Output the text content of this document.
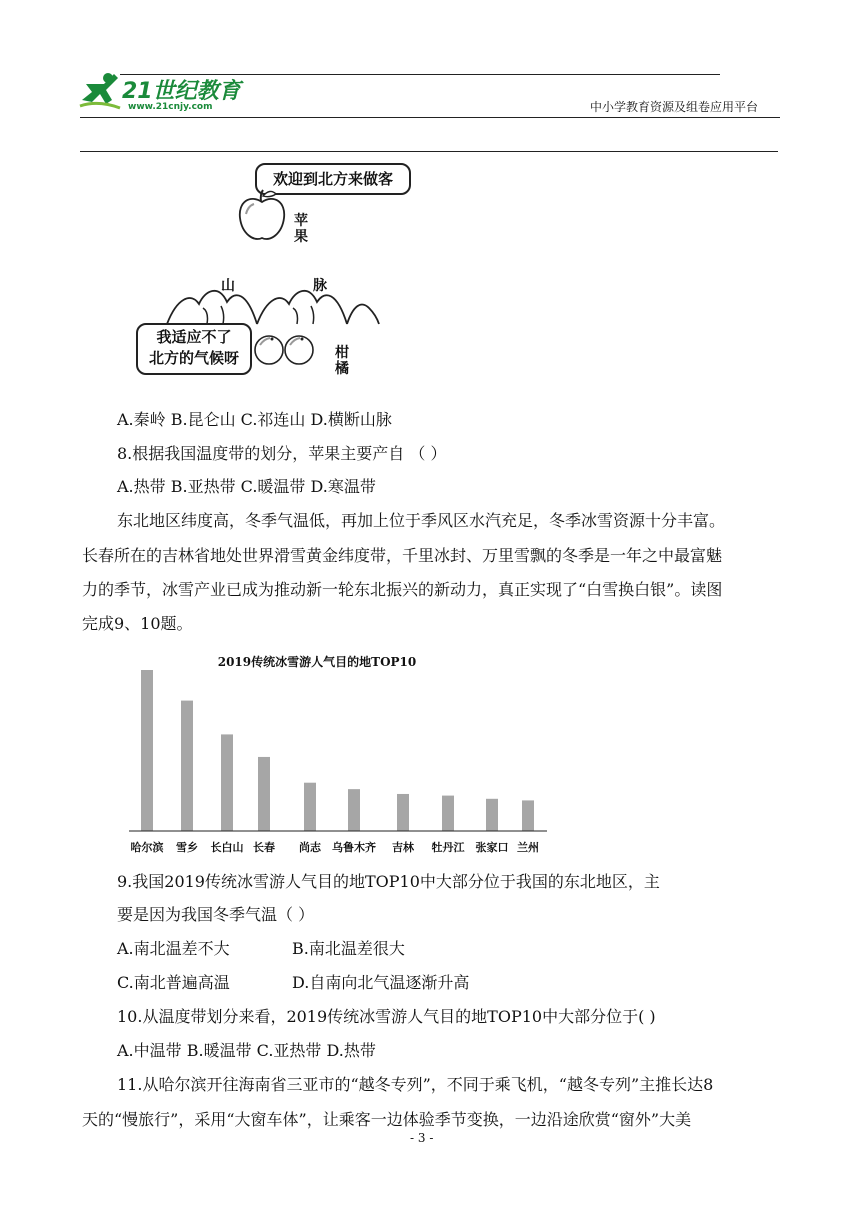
21世纪教育
www.21cnjy.com	中小学教育资源及组卷应用平台
欢迎到北方来做客
苹
果
山	脉
我适应不了
北方的气候呀	柑
橘
A.秦岭 B.昆仑山 C.祁连山 D.横断山脉
8.根据我国温度带的划分，苹果主要产自 （ ）
A.热带 B.亚热带 C.暖温带 D.寒温带
东北地区纬度高，冬季气温低，再加上位于季风区水汽充足，冬季冰雪资源十分丰富。
长春所在的吉林省地处世界滑雪黄金纬度带，千里冰封、万里雪飘的冬季是一年之中最富魅
力的季节，冰雪产业已成为推动新一轮东北振兴的新动力，真正实现了“白雪换白银”。读图
完成9、10题。
2019传统冰雪游人气目的地TOP10
哈尔滨 雪乡 长白山 长春 尚志 乌鲁木齐 吉林 牡丹江 张家口 兰州
9.我国2019传统冰雪游人气目的地TOP10中大部分位于我国的东北地区，主
要是因为我国冬季气温（ ）
A.南北温差不大	B.南北温差很大
C.南北普遍高温	D.自南向北气温逐渐升高
10.从温度带划分来看，2019传统冰雪游人气目的地TOP10中大部分位于( )
A.中温带 B.暖温带 C.亚热带 D.热带
11.从哈尔滨开往海南省三亚市的“越冬专列”，不同于乘飞机，“越冬专列”主推长达8
天的“慢旅行”，采用“大窗车体”，让乘客一边体验季节变换，一边沿途欣赏“窗外”大美
- 3 -
